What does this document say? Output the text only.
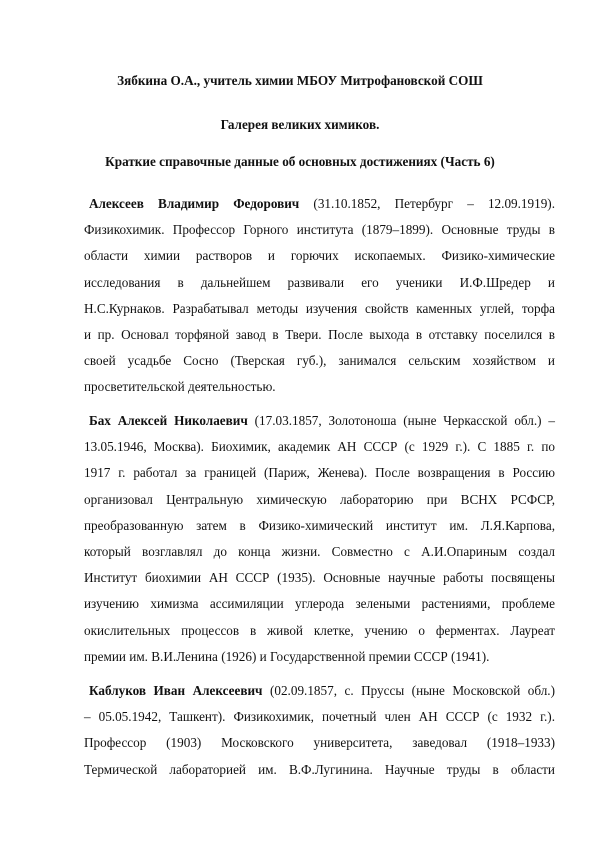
Зябкина О.А., учитель химии МБОУ Митрофановской СОШ
Галерея великих химиков.
Краткие справочные данные об основных достижениях (Часть 6)
Алексеев Владимир Федорович (31.10.1852, Петербург – 12.09.1919).
Физикохимик. Профессор Горного института (1879–1899). Основные труды в
области химии растворов и горючих ископаемых. Физико-химические
исследования в дальнейшем развивали его ученики И.Ф.Шредер и
Н.С.Курнаков. Разрабатывал методы изучения свойств каменных углей, торфа
и пр. Основал торфяной завод в Твери. После выхода в отставку поселился в
своей усадьбе Сосно (Тверская губ.), занимался сельским хозяйством и
просветительской деятельностью.
Бах Алексей Николаевич (17.03.1857, Золотоноша (ныне Черкасской обл.) –
13.05.1946, Москва). Биохимик, академик АН СССР (с 1929 г.). С 1885 г. по
1917 г. работал за границей (Париж, Женева). После возвращения в Россию
организовал Центральную химическую лабораторию при ВСНХ РСФСР,
преобразованную затем в Физико-химический институт им. Л.Я.Карпова,
который возглавлял до конца жизни. Совместно с А.И.Опариным создал
Институт биохимии АН СССР (1935). Основные научные работы посвящены
изучению химизма ассимиляции углерода зелеными растениями, проблеме
окислительных процессов в живой клетке, учению о ферментах. Лауреат
премии им. В.И.Ленина (1926) и Государственной премии СССР (1941).
Каблуков Иван Алексеевич (02.09.1857, с. Пруссы (ныне Московской обл.)
– 05.05.1942, Ташкент). Физикохимик, почетный член АН СССР (с 1932 г.).
Профессор (1903) Московского университета, заведовал (1918–1933)
Термической лабораторией им. В.Ф.Лугинина. Научные труды в области
